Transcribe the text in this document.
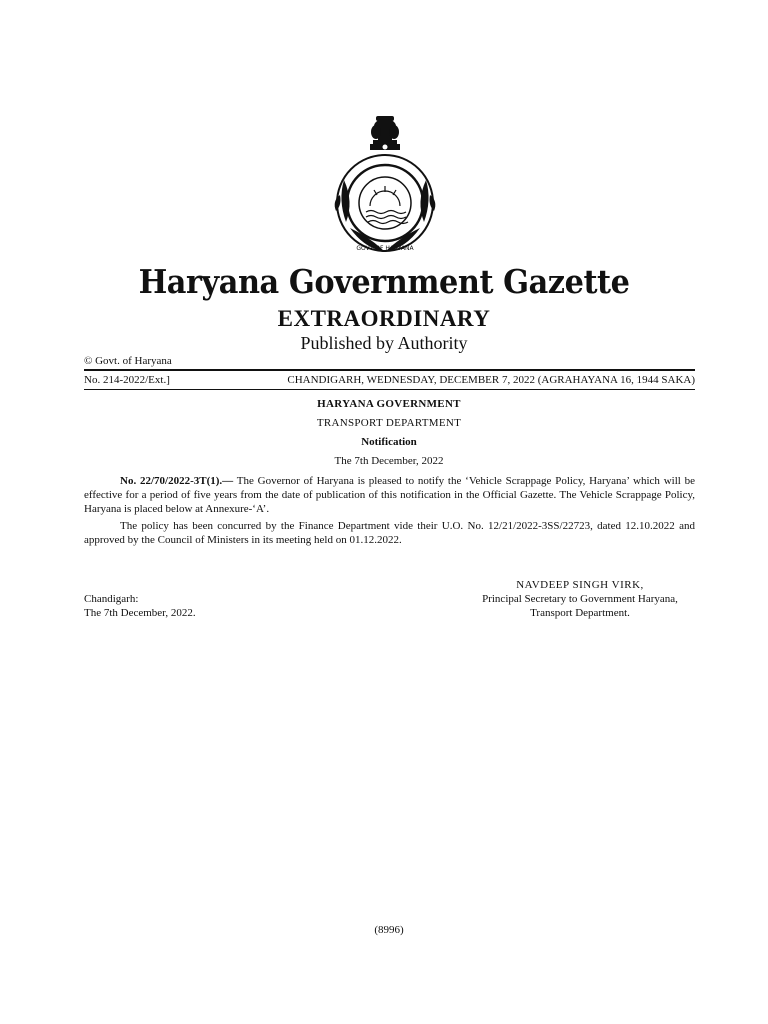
GOVT OF HARYANA
Haryana Government Gazette
EXTRAORDINARY
Published by Authority
© Govt. of Haryana
No. 214-2022/Ext.]	CHANDIGARH, WEDNESDAY, DECEMBER 7, 2022 (AGRAHAYANA 16, 1944 SAKA)
HARYANA GOVERNMENT
TRANSPORT DEPARTMENT
Notification
The 7th December, 2022

No. 22/70/2022-3T(1).— The Governor of Haryana is pleased to notify the ‘Vehicle Scrappage Policy, Haryana’ which will be effective for a period of five years from the date of publication of this notification in the Official Gazette. The Vehicle Scrappage Policy, Haryana is placed below at Annexure-‘A’.

The policy has been concurred by the Finance Department vide their U.O. No. 12/21/2022-3SS/22723, dated 12.10.2022 and approved by the Council of Ministers in its meeting held on 01.12.2022.

Chandigarh:
The 7th December, 2022.
NAVDEEP SINGH VIRK,
Principal Secretary to Government Haryana,
Transport Department.
(8996)
